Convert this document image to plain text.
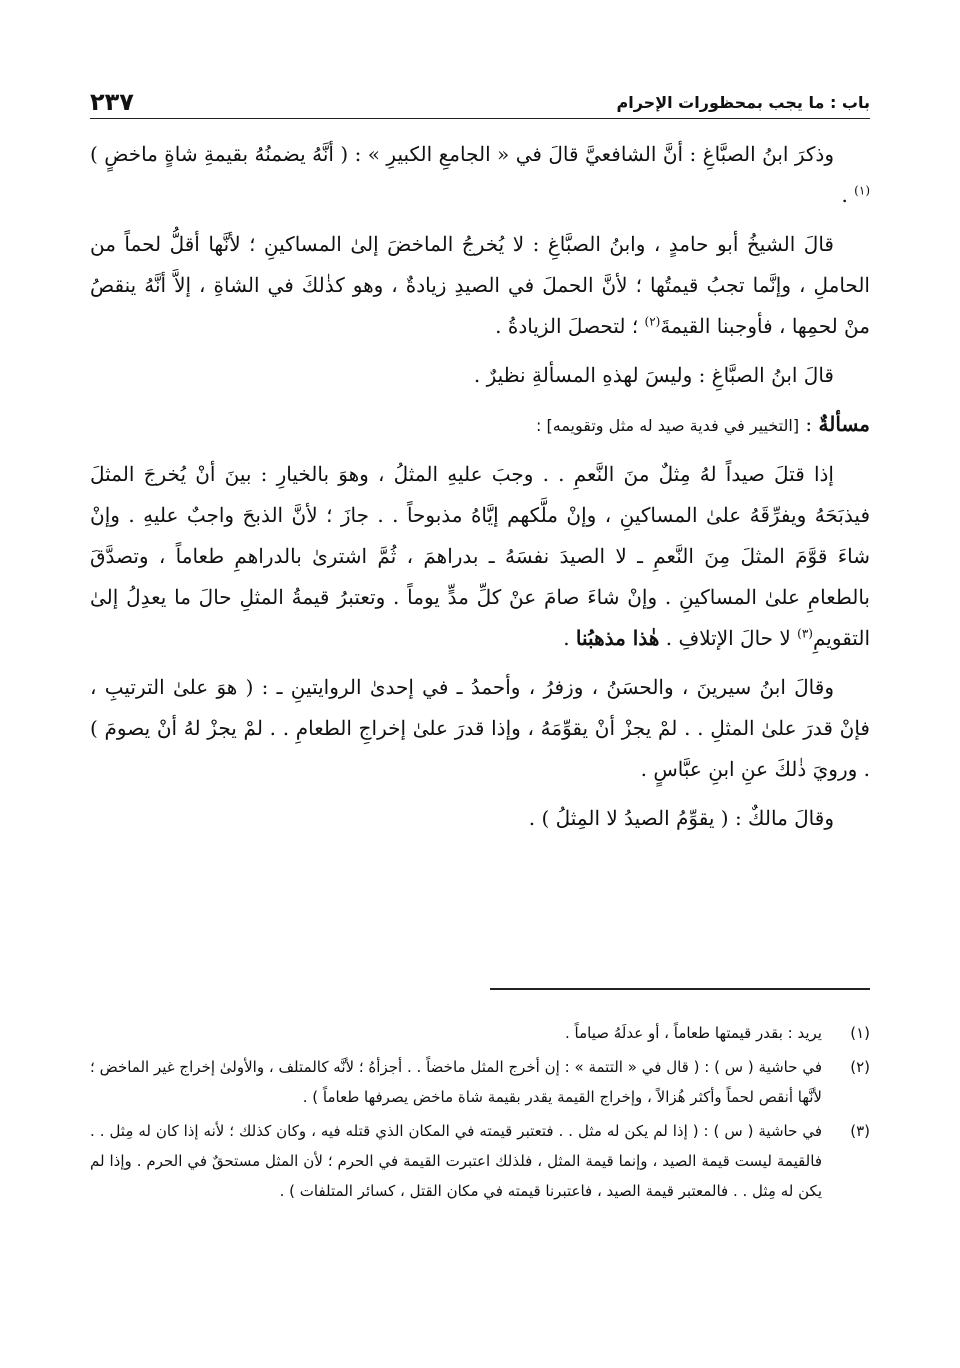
باب : ما يجب بمحظورات الإحرام
٢٣٧

وذكرَ ابنُ الصبَّاغِ : أنَّ الشافعيَّ قالَ في « الجامعِ الكبيرِ » : ( أنَّهُ يضمنُهُ بقيمةِ شاةٍ ماخضٍ )$^{(١)}$ .

قالَ الشيخُ أبو حامدٍ ، وابنُ الصبَّاغِ : لا يُخرجُ الماخضَ إلىٰ المساكينِ ؛ لأنَّها أقلُّ لحماً من الحاملِ ، وإنَّما تجبُ قيمتُها ؛ لأنَّ الحملَ في الصيدِ زيادةٌ ، وهو كذٰلكَ في الشاةِ ، إلاَّ أنَّهُ ينقصُ منْ لحمِها ، فأوجبنا القيمةَ$^{(٢)}$ ؛ لتحصلَ الزيادةُ .

قالَ ابنُ الصبَّاغِ : وليسَ لهذهِ المسألةِ نظيرٌ .

مسألةٌ : [التخيير في فدية صيد له مثل وتقويمه] :

إذا قتلَ صيداً لهُ مِثلٌ منَ النَّعمِ . . وجبَ عليهِ المثلُ ، وهوَ بالخيارِ : بينَ أنْ يُخرجَ المثلَ فيذبَحَهُ ويفرِّقَهُ علىٰ المساكينِ ، وإنْ ملَّكهم إيَّاهُ مذبوحاً . . جازَ ؛ لأنَّ الذبحَ واجبٌ عليهِ . وإنْ شاءَ قوَّمَ المثلَ مِنَ النَّعمِ ـ لا الصيدَ نفسَهُ ـ بدراهمَ ، ثُمَّ اشترىٰ بالدراهمِ طعاماً ، وتصدَّقَ بالطعامِ علىٰ المساكينِ . وإنْ شاءَ صامَ عنْ كلِّ مدٍّ يوماً . وتعتبرُ قيمةُ المثلِ حالَ ما يعدِلُ إلىٰ التقويمِ$^{(٣)}$ لا حالَ الإتلافِ . هٰذا مذهبُنا .

وقالَ ابنُ سيرينَ ، والحسَنُ ، وزفرُ ، وأحمدُ ـ في إحدىٰ الروايتينِ ـ : ( هوَ علىٰ الترتيبِ ، فإنْ قدرَ علىٰ المثلِ . . لمْ يجزْ أنْ يقوِّمَهُ ، وإذا قدرَ علىٰ إخراجِ الطعامِ . . لمْ يجزْ لهُ أنْ يصومَ ) . ورويَ ذٰلكَ عنِ ابنِ عبَّاسٍ .

وقالَ مالكٌ : ( يقوِّمُ الصيدُ لا المِثلُ ) .

(١)
يريد : بقدر قيمتها طعاماً ، أو عدلَهُ صياماً .
(٢)
في حاشية ( س ) : ( قال في « التتمة » : إن أخرج المثل ماخضاً . . أجزأهُ ؛ لأنَّه كالمتلف ، والأولىٰ إخراج غير الماخض ؛ لأنَّها أنقص لحماً وأكثر هُزالاً ، وإخراج القيمة يقدر بقيمة شاة ماخض يصرفها طعاماً ) .
(٣)
في حاشية ( س ) : ( إذا لم يكن له مثل . . فتعتبر قيمته في المكان الذي قتله فيه ، وكان كذلك ؛ لأنه إذا كان له مِثل . . فالقيمة ليست قيمة الصيد ، وإنما قيمة المثل ، فلذلك اعتبرت القيمة في الحرم ؛ لأن المثل مستحقٌ في الحرم . وإذا لم يكن له مِثل . . فالمعتبر قيمة الصيد ، فاعتبرنا قيمته في مكان القتل ، كسائر المتلفات ) .
